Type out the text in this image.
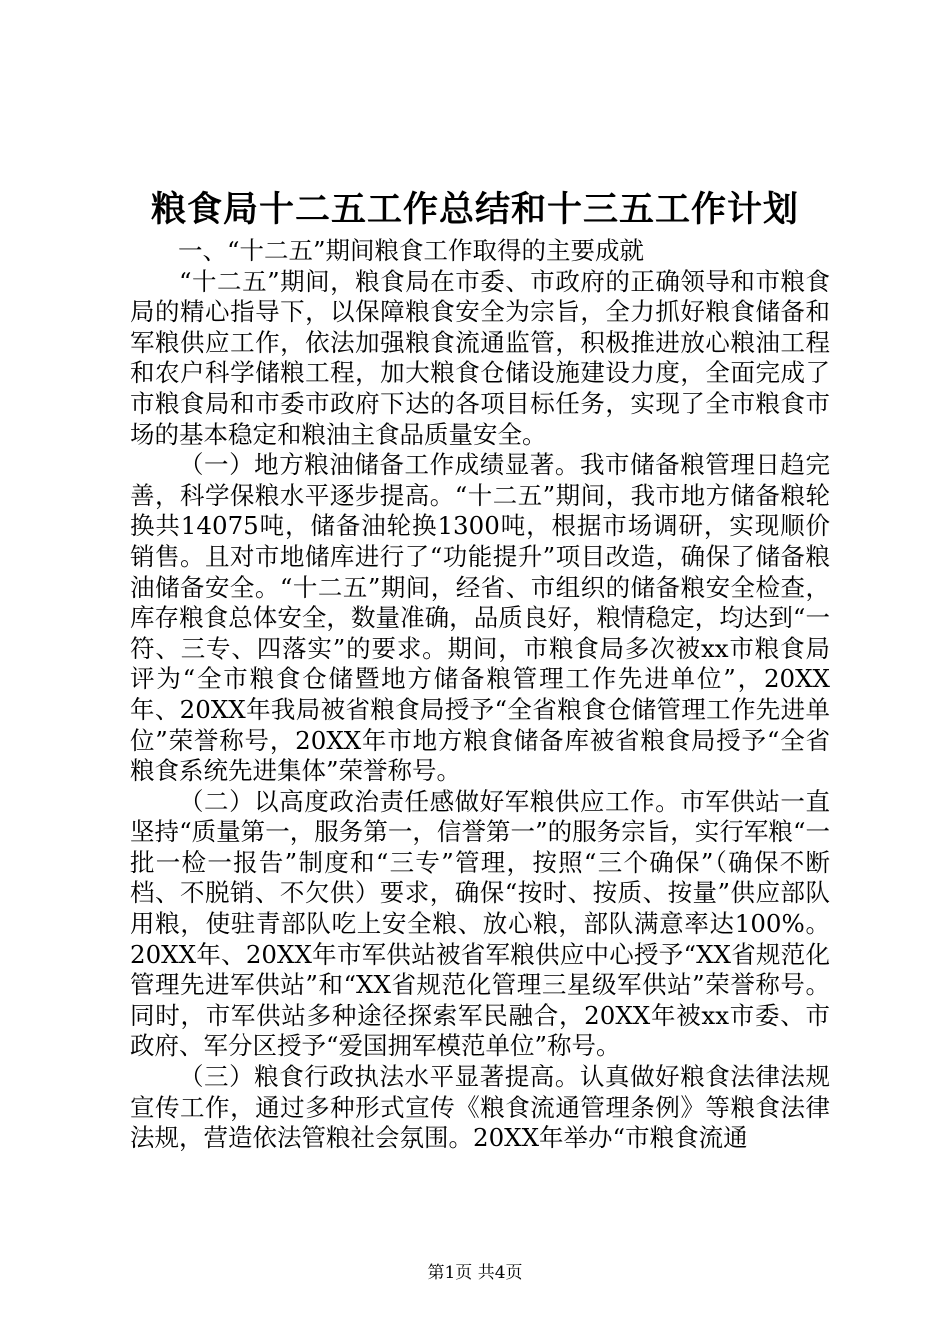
粮食局十二五工作总结和十三五工作计划

一、“十二五”期间粮食工作取得的主要成就

“十二五”期间，粮食局在市委、市政府的正确领导和市粮食局的精心指导下，以保障粮食安全为宗旨，全力抓好粮食储备和军粮供应工作，依法加强粮食流通监管，积极推进放心粮油工程和农户科学储粮工程，加大粮食仓储设施建设力度，全面完成了市粮食局和市委市政府下达的各项目标任务，实现了全市粮食市场的基本稳定和粮油主食品质量安全。

（一）地方粮油储备工作成绩显著。我市储备粮管理日趋完善，科学保粮水平逐步提高。“十二五”期间，我市地方储备粮轮换共14075吨，储备油轮换1300吨，根据市场调研，实现顺价销售。且对市地储库进行了“功能提升”项目改造，确保了储备粮油储备安全。“十二五”期间，经省、市组织的储备粮安全检查，库存粮食总体安全，数量准确，品质良好，粮情稳定，均达到“一符、三专、四落实”的要求。期间，市粮食局多次被xx市粮食局评为“全市粮食仓储暨地方储备粮管理工作先进单位”，20XX年、20XX年我局被省粮食局授予“全省粮食仓储管理工作先进单位”荣誉称号，20XX年市地方粮食储备库被省粮食局授予“全省粮食系统先进集体”荣誉称号。

（二）以高度政治责任感做好军粮供应工作。市军供站一直坚持“质量第一，服务第一，信誉第一”的服务宗旨，实行军粮“一批一检一报告”制度和“三专”管理，按照“三个确保”（确保不断档、不脱销、不欠供）要求，确保“按时、按质、按量”供应部队用粮，使驻青部队吃上安全粮、放心粮，部队满意率达100%。20XX年、20XX年市军供站被省军粮供应中心授予“XX省规范化管理先进军供站”和“XX省规范化管理三星级军供站”荣誉称号。同时，市军供站多种途径探索军民融合，20XX年被xx市委、市政府、军分区授予“爱国拥军模范单位”称号。

（三）粮食行政执法水平显著提高。认真做好粮食法律法规宣传工作，通过多种形式宣传《粮食流通管理条例》等粮食法律法规，营造依法管粮社会氛围。20XX年举办“市粮食流通

第1页 共4页
